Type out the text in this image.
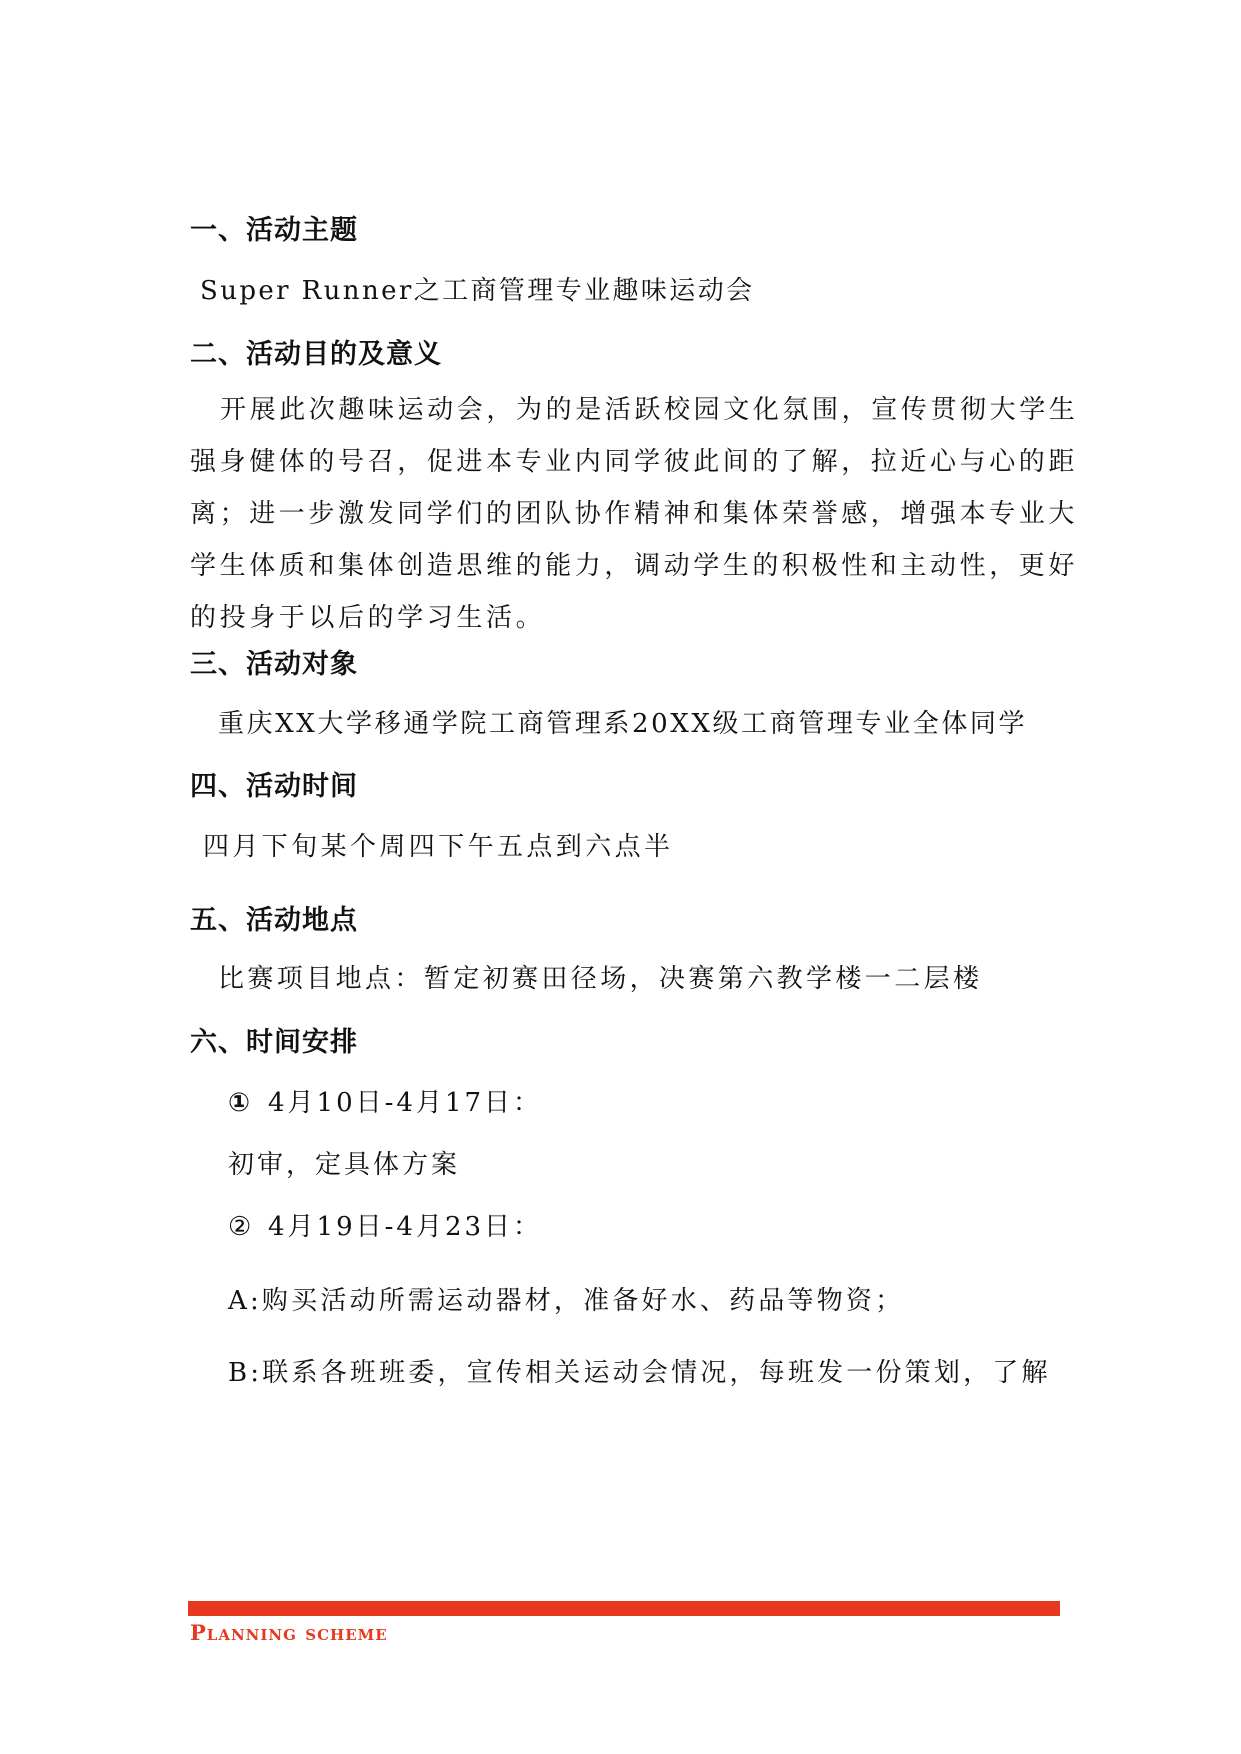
一、活动主题
Super Runner之工商管理专业趣味运动会
二、活动目的及意义
开展此次趣味运动会，为的是活跃校园文化氛围，宣传贯彻大学生
强身健体的号召，促进本专业内同学彼此间的了解，拉近心与心的距
离；进一步激发同学们的团队协作精神和集体荣誉感，增强本专业大
学生体质和集体创造思维的能力，调动学生的积极性和主动性，更好
的投身于以后的学习生活。
三、活动对象
重庆XX大学移通学院工商管理系20XX级工商管理专业全体同学
四、活动时间
四月下旬某个周四下午五点到六点半
五、活动地点
比赛项目地点：暂定初赛田径场，决赛第六教学楼一二层楼
六、时间安排
① 4月10日-4月17日：
初审，定具体方案
② 4月19日-4月23日：
A:购买活动所需运动器材，准备好水、药品等物资；
B:联系各班班委，宣传相关运动会情况，每班发一份策划，了解
Planning scheme
